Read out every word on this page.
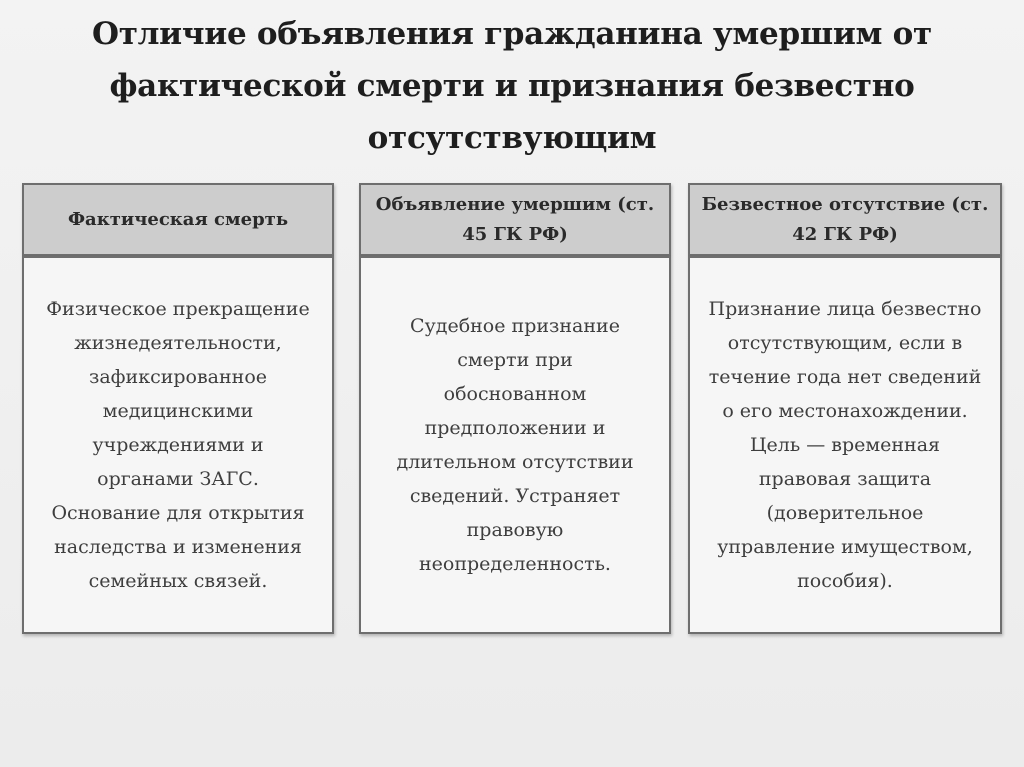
Отличие объявления гражданина умершим от фактической смерти и признания безвестно отсутствующим
Фактическая смерть
Физическое прекращение жизнедеятельности, зафиксированное медицинскими учреждениями и органами ЗАГС. Основание для открытия наследства и изменения семейных связей.
Объявление умершим (ст. 45 ГК РФ)
Судебное признание смерти при обоснованном предположении и длительном отсутствии сведений. Устраняет правовую неопределенность.
Безвестное отсутствие (ст. 42 ГК РФ)
Признание лица безвестно отсутствующим, если в течение года нет сведений о его местонахождении. Цель — временная правовая защита (доверительное управление имуществом, пособия).
